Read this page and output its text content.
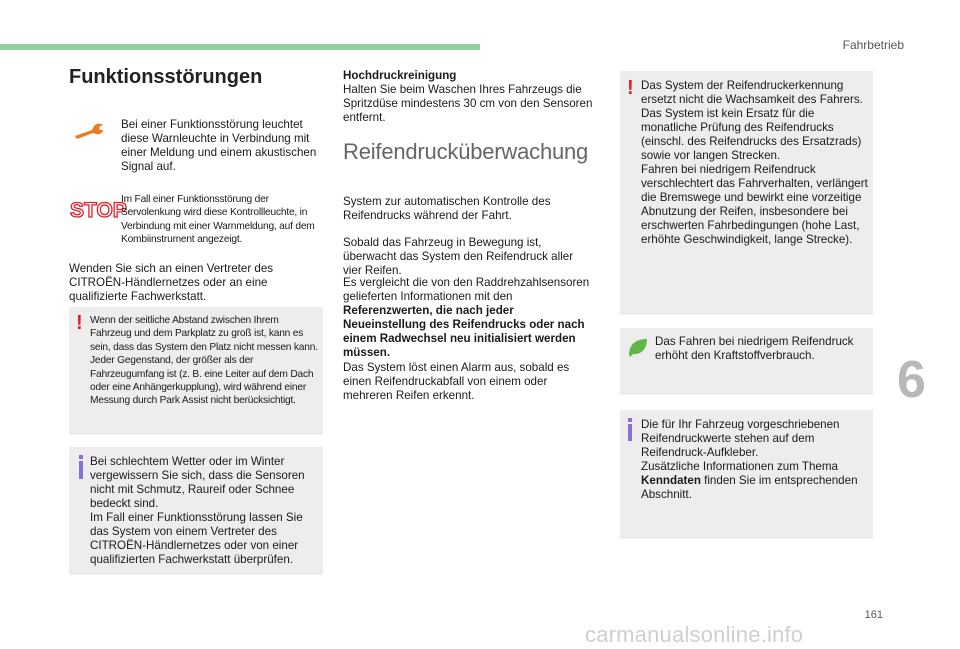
Fahrbetrieb
Funktionsstörungen

Bei einer Funktionsstörung leuchtet diese Warnleuchte in Verbindung mit einer Meldung und einem akustischen Signal auf.

STOP

Im Fall einer Funktionsstörung der Servolenkung wird diese Kontrollleuchte, in Verbindung mit einer Warnmeldung, auf dem Kombiinstrument angezeigt.

Wenden Sie sich an einen Vertreter des CITROËN-Händlernetzes oder an eine qualifizierte Fachwerkstatt.

! Wenn der seitliche Abstand zwischen Ihrem Fahrzeug und dem Parkplatz zu groß ist, kann es sein, dass das System den Platz nicht messen kann. Jeder Gegenstand, der größer als der Fahrzeugumfang ist (z. B. eine Leiter auf dem Dach oder eine Anhängerkupplung), wird während einer Messung durch Park Assist nicht berücksichtigt.

Bei schlechtem Wetter oder im Winter vergewissern Sie sich, dass die Sensoren nicht mit Schmutz, Raureif oder Schnee bedeckt sind.
Im Fall einer Funktionsstörung lassen Sie das System von einem Vertreter des CITROËN-Händlernetzes oder von einer qualifizierten Fachwerkstatt überprüfen.

Hochdruckreinigung

Halten Sie beim Waschen Ihres Fahrzeugs die Spritzdüse mindestens 30 cm von den Sensoren entfernt.

Reifendrucküberwachung

System zur automatischen Kontrolle des Reifendrucks während der Fahrt.

Sobald das Fahrzeug in Bewegung ist, überwacht das System den Reifendruck aller vier Reifen.

Es vergleicht die von den Raddrehzahlsensoren gelieferten Informationen mit den Referenzwerten, die nach jeder Neueinstellung des Reifendrucks oder nach einem Radwechsel neu initialisiert werden müssen.

Das System löst einen Alarm aus, sobald es einen Reifendruckabfall von einem oder mehreren Reifen erkennt.

! Das System der Reifendruckerkennung ersetzt nicht die Wachsamkeit des Fahrers.
Das System ist kein Ersatz für die monatliche Prüfung des Reifendrucks (einschl. des Reifendrucks des Ersatzrads) sowie vor langen Strecken.
Fahren bei niedrigem Reifendruck verschlechtert das Fahrverhalten, verlängert die Bremswege und bewirkt eine vorzeitige Abnutzung der Reifen, insbesondere bei erschwerten Fahrbedingungen (hohe Last, erhöhte Geschwindigkeit, lange Strecke).

Das Fahren bei niedrigem Reifendruck erhöht den Kraftstoffverbrauch.

Die für Ihr Fahrzeug vorgeschriebenen Reifendruckwerte stehen auf dem Reifendruck-Aufkleber.
Zusätzliche Informationen zum Thema Kenndaten finden Sie im entsprechenden Abschnitt.

6
161
carmanualsonline.info
